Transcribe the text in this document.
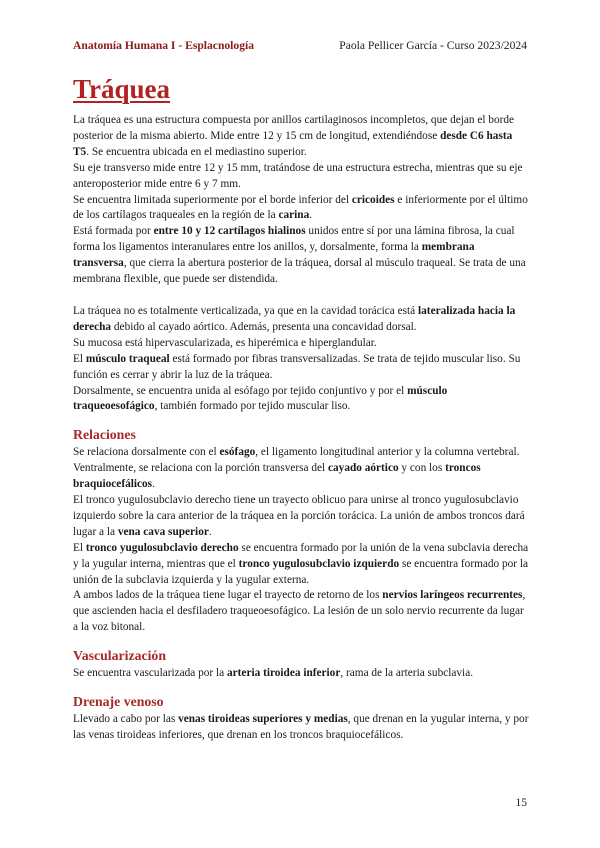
Anatomía Humana I - Esplacnología	Paola Pellicer García - Curso 2023/2024
Tráquea

La tráquea es una estructura compuesta por anillos cartilaginosos incompletos, que dejan el borde posterior de la misma abierto. Mide entre 12 y 15 cm de longitud, extendiéndose desde C6 hasta T5. Se encuentra ubicada en el mediastino superior.

Su eje transverso mide entre 12 y 15 mm, tratándose de una estructura estrecha, mientras que su eje anteroposterior mide entre 6 y 7 mm.

Se encuentra limitada superiormente por el borde inferior del cricoides e inferiormente por el último de los cartílagos traqueales en la región de la carina.

Está formada por entre 10 y 12 cartílagos hialinos unidos entre sí por una lámina fibrosa, la cual forma los ligamentos interanulares entre los anillos, y, dorsalmente, forma la membrana transversa, que cierra la abertura posterior de la tráquea, dorsal al músculo traqueal. Se trata de una membrana flexible, que puede ser distendida.

La tráquea no es totalmente verticalizada, ya que en la cavidad torácica está lateralizada hacia la derecha debido al cayado aórtico. Además, presenta una concavidad dorsal.

Su mucosa está hipervascularizada, es hiperémica e hiperglandular.

El músculo traqueal está formado por fibras transversalizadas. Se trata de tejido muscular liso. Su función es cerrar y abrir la luz de la tráquea.

Dorsalmente, se encuentra unida al esófago por tejido conjuntivo y por el músculo traqueoesofágico, también formado por tejido muscular liso.

Relaciones

Se relaciona dorsalmente con el esófago, el ligamento longitudinal anterior y la columna vertebral.

Ventralmente, se relaciona con la porción transversa del cayado aórtico y con los troncos braquiocefálicos.

El tronco yugulosubclavio derecho tiene un trayecto oblicuo para unirse al tronco yugulosubclavio izquierdo sobre la cara anterior de la tráquea en la porción torácica. La unión de ambos troncos dará lugar a la vena cava superior.

El tronco yugulosubclavio derecho se encuentra formado por la unión de la vena subclavia derecha y la yugular interna, mientras que el tronco yugulosubclavio izquierdo se encuentra formado por la unión de la subclavia izquierda y la yugular externa.

A ambos lados de la tráquea tiene lugar el trayecto de retorno de los nervios laríngeos recurrentes, que ascienden hacia el desfiladero traqueoesofágico. La lesión de un solo nervio recurrente da lugar a la voz bitonal.

Vascularización

Se encuentra vascularizada por la arteria tiroidea inferior, rama de la arteria subclavia.

Drenaje venoso

Llevado a cabo por las venas tiroideas superiores y medias, que drenan en la yugular interna, y por las venas tiroideas inferiores, que drenan en los troncos braquiocefálicos.

15
